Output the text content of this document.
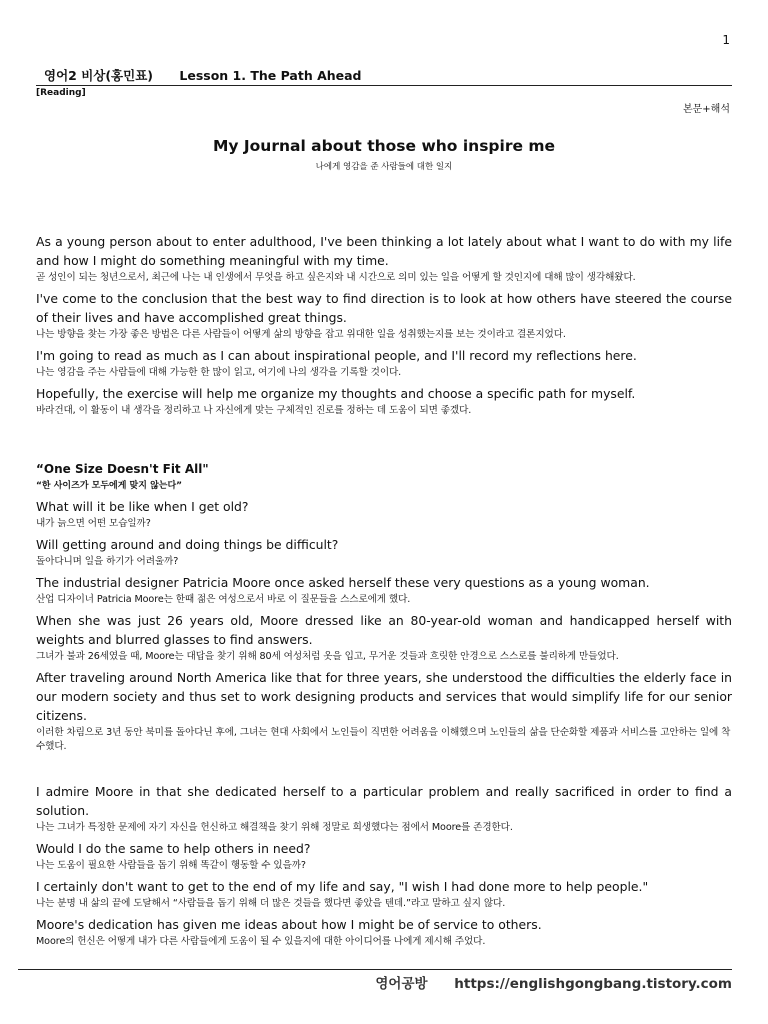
1
영어2 비상(홍민표) Lesson 1. The Path Ahead
[Reading]
본문+해석
My Journal about those who inspire me
나에게 영감을 준 사람들에 대한 일지
As a young person about to enter adulthood, I've been thinking a lot lately about what I want to do with my life and how I might do something meaningful with my time.
곧 성인이 되는 청년으로서, 최근에 나는 내 인생에서 무엇을 하고 싶은지와 내 시간으로 의미 있는 일을 어떻게 할 것인지에 대해 많이 생각해왔다.
I've come to the conclusion that the best way to find direction is to look at how others have steered the course of their lives and have accomplished great things.
나는 방향을 찾는 가장 좋은 방법은 다른 사람들이 어떻게 삶의 방향을 잡고 위대한 일을 성취했는지를 보는 것이라고 결론지었다.
I'm going to read as much as I can about inspirational people, and I'll record my reflections here.
나는 영감을 주는 사람들에 대해 가능한 한 많이 읽고, 여기에 나의 생각을 기록할 것이다.
Hopefully, the exercise will help me organize my thoughts and choose a specific path for myself.
바라건대, 이 활동이 내 생각을 정리하고 나 자신에게 맞는 구체적인 진로를 정하는 데 도움이 되면 좋겠다.
“One Size Doesn't Fit All"
“한 사이즈가 모두에게 맞지 않는다”
What will it be like when I get old?
내가 늙으면 어떤 모습일까?
Will getting around and doing things be difficult?
돌아다니며 일을 하기가 어려울까?
The industrial designer Patricia Moore once asked herself these very questions as a young woman.
산업 디자이너 Patricia Moore는 한때 젊은 여성으로서 바로 이 질문들을 스스로에게 했다.
When she was just 26 years old, Moore dressed like an 80-year-old woman and handicapped herself with weights and blurred glasses to find answers.
그녀가 불과 26세였을 때, Moore는 대답을 찾기 위해 80세 여성처럼 옷을 입고, 무거운 것들과 흐릿한 안경으로 스스로를 불리하게 만들었다.
After traveling around North America like that for three years, she understood the difficulties the elderly face in our modern society and thus set to work designing products and services that would simplify life for our senior citizens.
이러한 차림으로 3년 동안 북미를 돌아다닌 후에, 그녀는 현대 사회에서 노인들이 직면한 어려움을 이해했으며 노인들의 삶을 단순화할 제품과 서비스를 고안하는 일에 착수했다.
I admire Moore in that she dedicated herself to a particular problem and really sacrificed in order to find a solution.
나는 그녀가 특정한 문제에 자기 자신을 헌신하고 해결책을 찾기 위해 정말로 희생했다는 점에서 Moore를 존경한다.
Would I do the same to help others in need?
나는 도움이 필요한 사람들을 돕기 위해 똑같이 행동할 수 있을까?
I certainly don't want to get to the end of my life and say, "I wish I had done more to help people."
나는 분명 내 삶의 끝에 도달해서 “사람들을 돕기 위해 더 많은 것들을 했다면 좋았을 텐데.”라고 말하고 싶지 않다.
Moore's dedication has given me ideas about how I might be of service to others.
Moore의 헌신은 어떻게 내가 다른 사람들에게 도움이 될 수 있을지에 대한 아이디어를 나에게 제시해 주었다.
영어공방 https://englishgongbang.tistory.com
